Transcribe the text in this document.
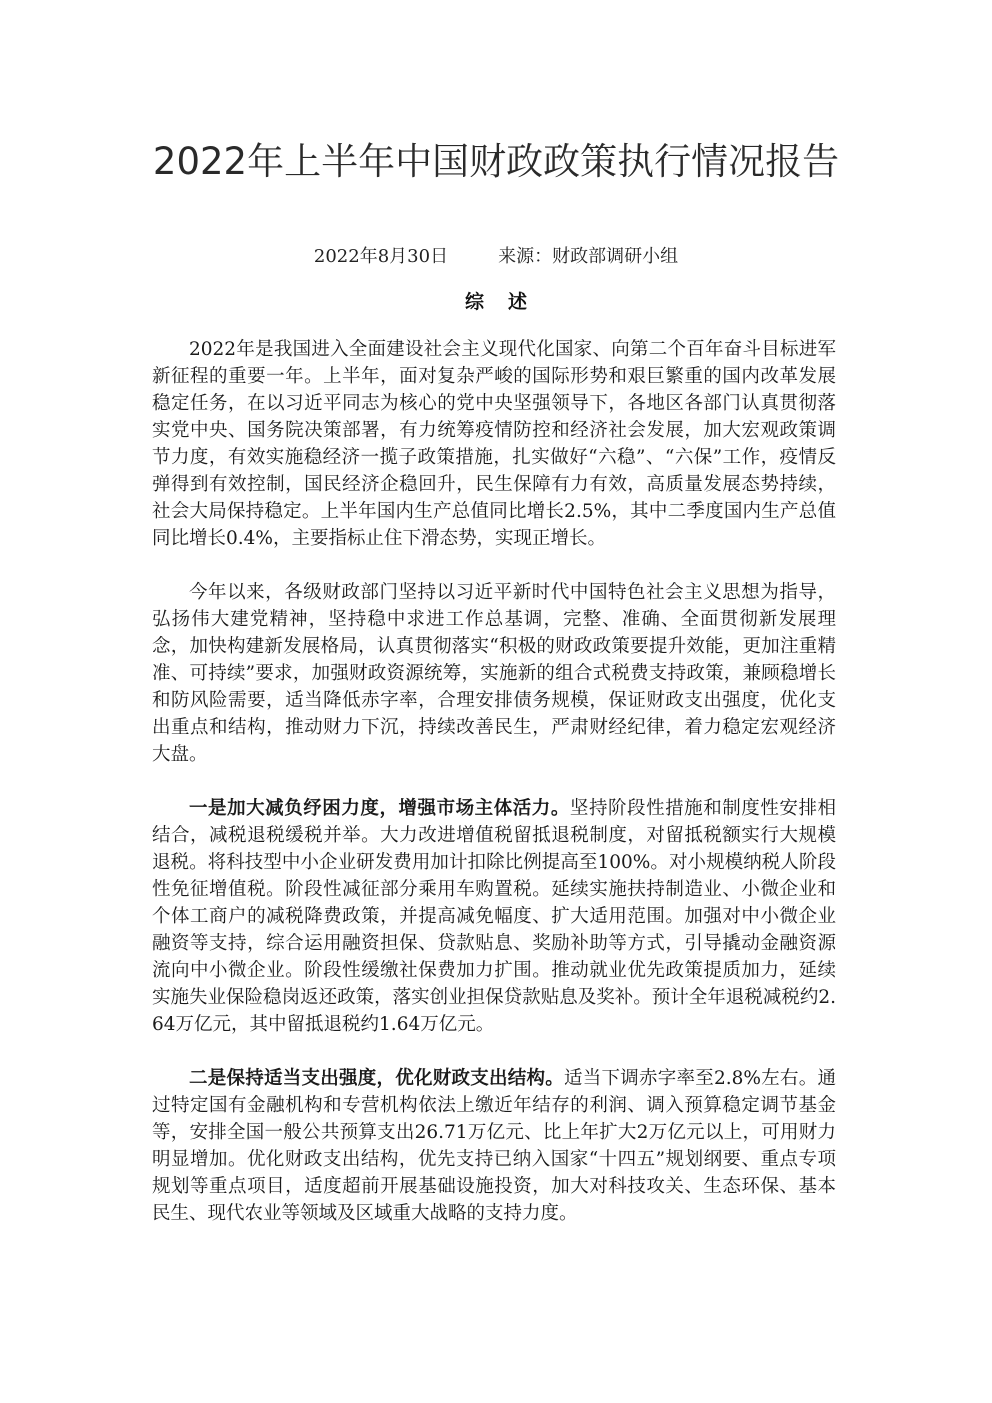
2022年上半年中国财政政策执行情况报告
2022年8月30日	来源：财政部调研小组
综述

2022年是我国进入全面建设社会主义现代化国家、向第二个百年奋斗目标进军新征程的重要一年。上半年，面对复杂严峻的国际形势和艰巨繁重的国内改革发展稳定任务，在以习近平同志为核心的党中央坚强领导下，各地区各部门认真贯彻落实党中央、国务院决策部署，有力统筹疫情防控和经济社会发展，加大宏观政策调节力度，有效实施稳经济一揽子政策措施，扎实做好“六稳”、“六保”工作，疫情反弹得到有效控制，国民经济企稳回升，民生保障有力有效，高质量发展态势持续，社会大局保持稳定。上半年国内生产总值同比增长2.5%，其中二季度国内生产总值同比增长0.4%，主要指标止住下滑态势，实现正增长。

今年以来，各级财政部门坚持以习近平新时代中国特色社会主义思想为指导，弘扬伟大建党精神，坚持稳中求进工作总基调，完整、准确、全面贯彻新发展理念，加快构建新发展格局，认真贯彻落实“积极的财政政策要提升效能，更加注重精准、可持续”要求，加强财政资源统筹，实施新的组合式税费支持政策，兼顾稳增长和防风险需要，适当降低赤字率，合理安排债务规模，保证财政支出强度，优化支出重点和结构，推动财力下沉，持续改善民生，严肃财经纪律，着力稳定宏观经济大盘。

一是加大减负纾困力度，增强市场主体活力。坚持阶段性措施和制度性安排相结合，减税退税缓税并举。大力改进增值税留抵退税制度，对留抵税额实行大规模退税。将科技型中小企业研发费用加计扣除比例提高至100%。对小规模纳税人阶段性免征增值税。阶段性减征部分乘用车购置税。延续实施扶持制造业、小微企业和个体工商户的减税降费政策，并提高减免幅度、扩大适用范围。加强对中小微企业融资等支持，综合运用融资担保、贷款贴息、奖励补助等方式，引导撬动金融资源流向中小微企业。阶段性缓缴社保费加力扩围。推动就业优先政策提质加力，延续实施失业保险稳岗返还政策，落实创业担保贷款贴息及奖补。预计全年退税减税约2.64万亿元，其中留抵退税约1.64万亿元。

二是保持适当支出强度，优化财政支出结构。适当下调赤字率至2.8%左右。通过特定国有金融机构和专营机构依法上缴近年结存的利润、调入预算稳定调节基金等，安排全国一般公共预算支出26.71万亿元、比上年扩大2万亿元以上，可用财力明显增加。优化财政支出结构，优先支持已纳入国家“十四五”规划纲要、重点专项规划等重点项目，适度超前开展基础设施投资，加大对科技攻关、生态环保、基本民生、现代农业等领域及区域重大战略的支持力度。
